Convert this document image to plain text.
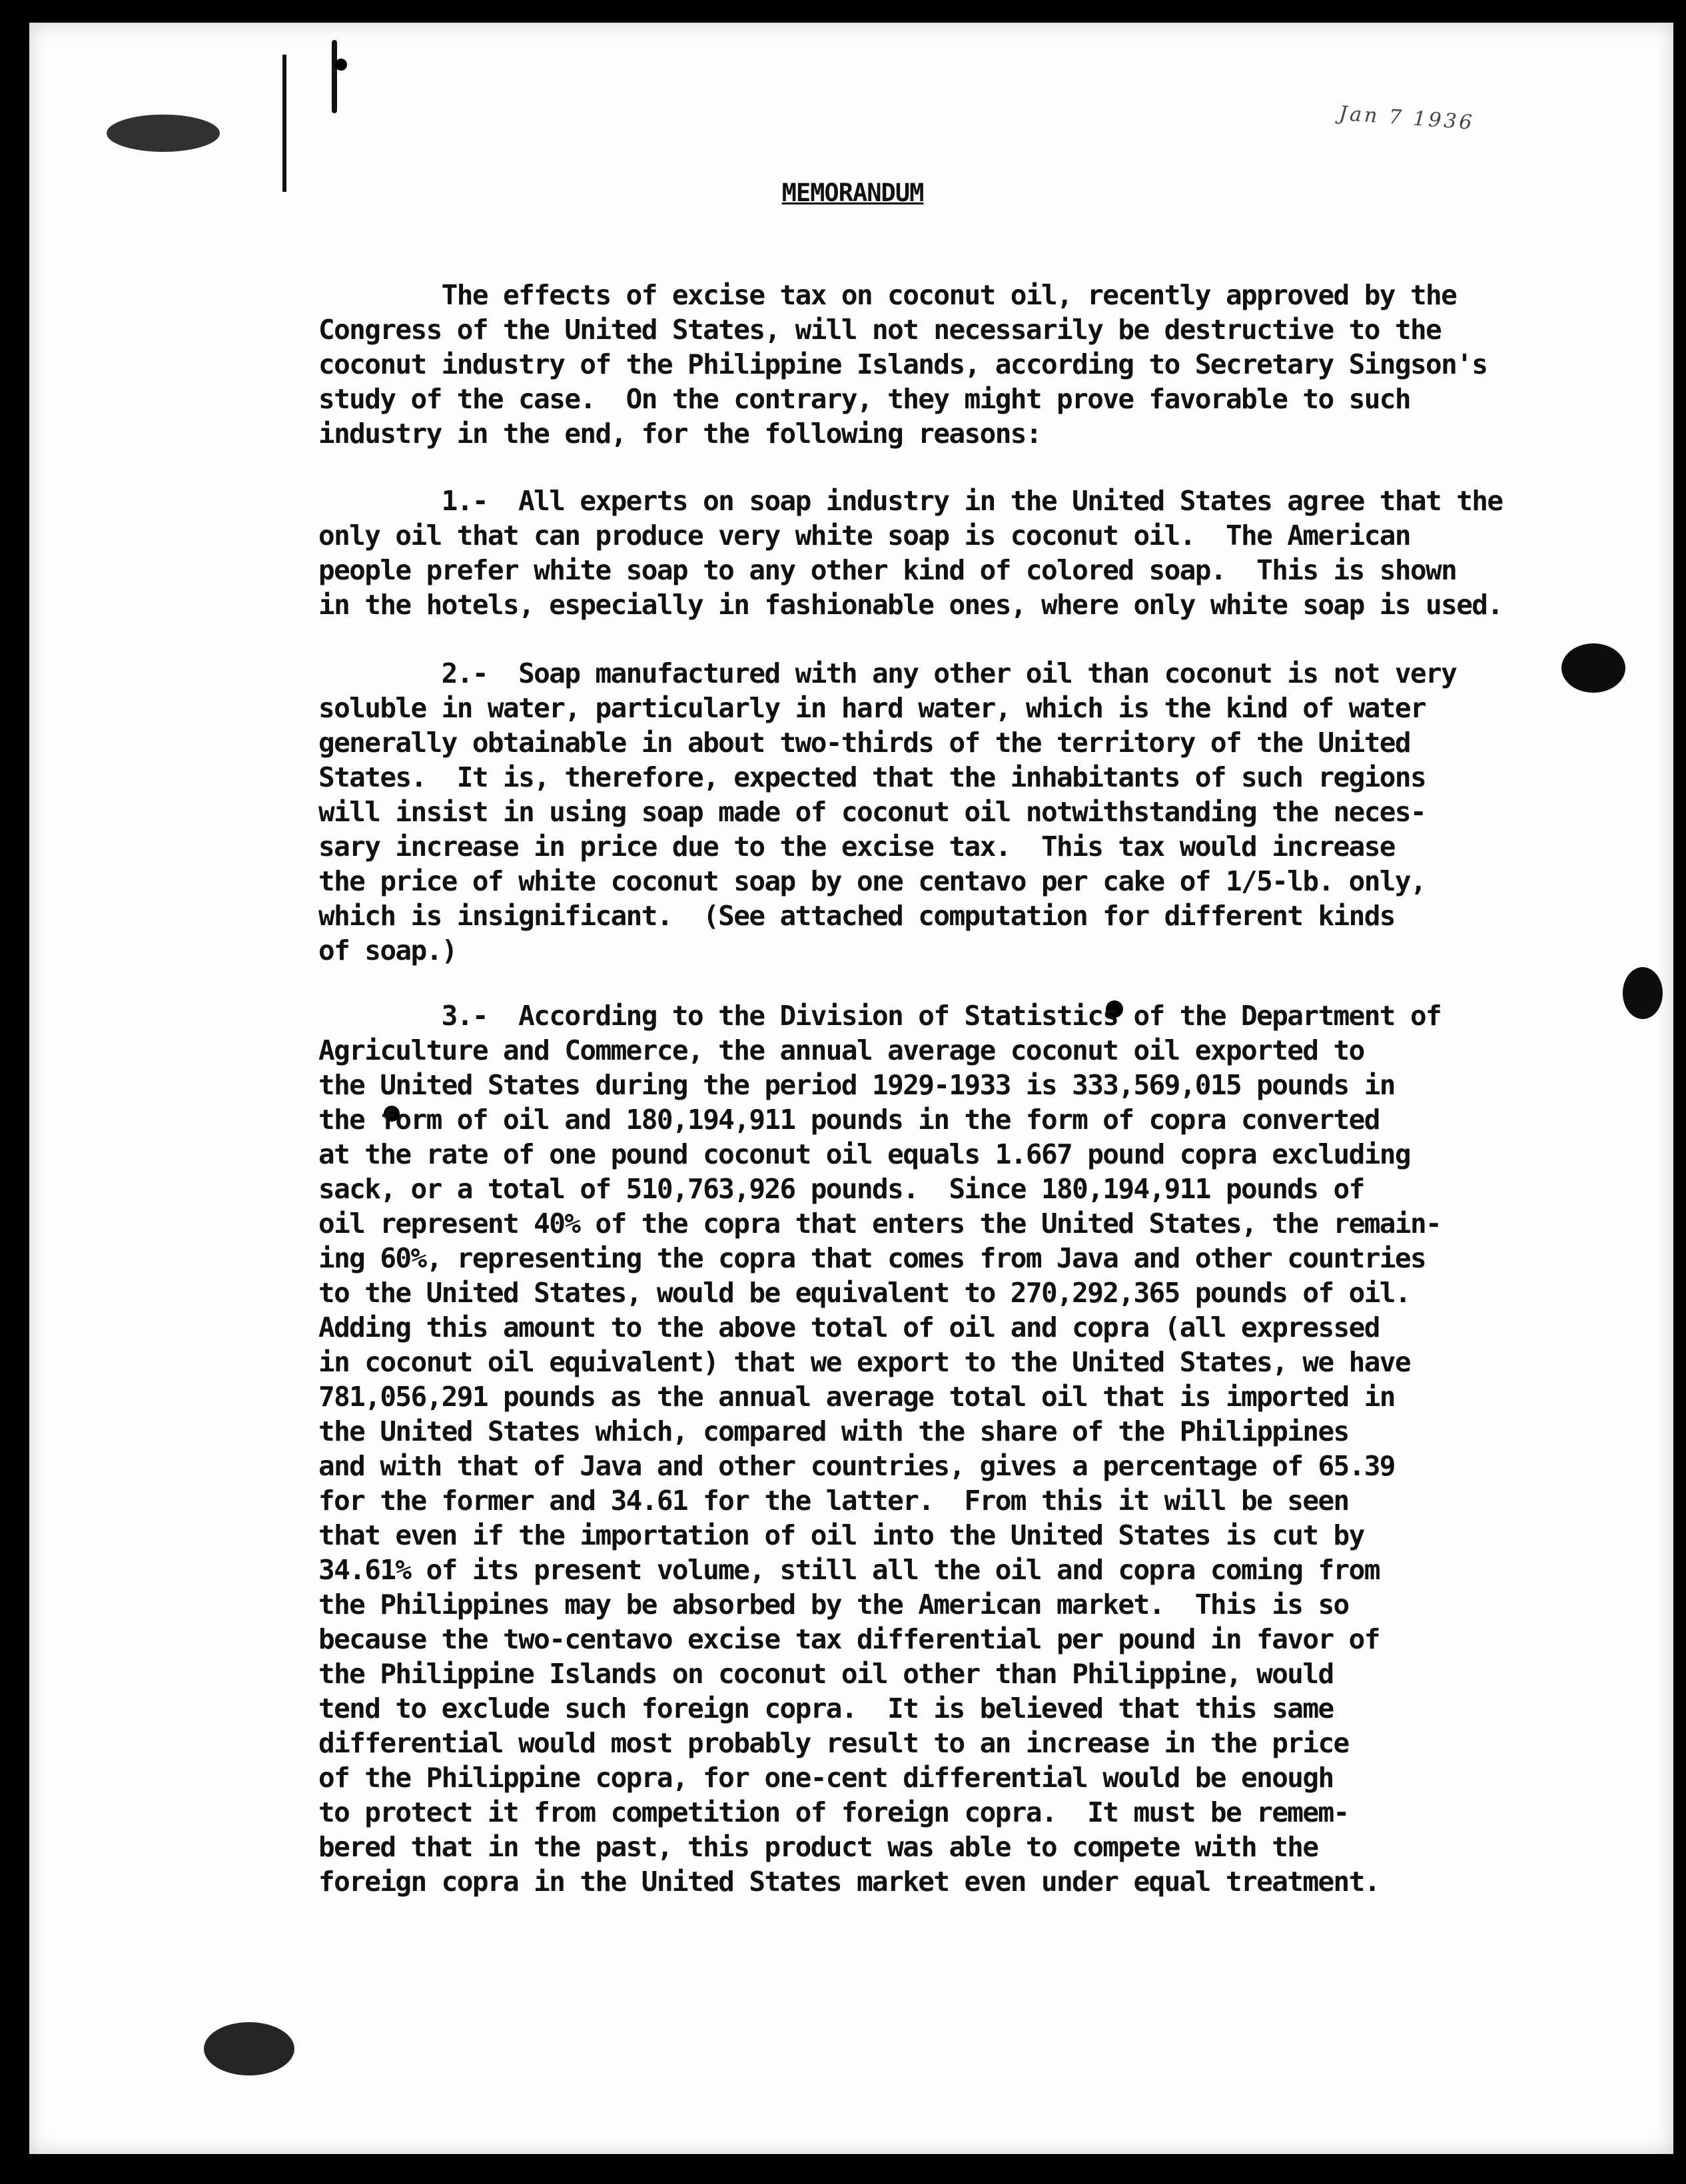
Jan 7 1936
MEMORANDUM
The effects of excise tax on coconut oil, recently approved by the
Congress of the United States, will not necessarily be destructive to the
coconut industry of the Philippine Islands, according to Secretary Singson's
study of the case.  On the contrary, they might prove favorable to such
industry in the end, for the following reasons:
1.-  All experts on soap industry in the United States agree that the
only oil that can produce very white soap is coconut oil.  The American
people prefer white soap to any other kind of colored soap.  This is shown
in the hotels, especially in fashionable ones, where only white soap is used.
2.-  Soap manufactured with any other oil than coconut is not very
soluble in water, particularly in hard water, which is the kind of water
generally obtainable in about two-thirds of the territory of the United
States.  It is, therefore, expected that the inhabitants of such regions
will insist in using soap made of coconut oil notwithstanding the neces-
sary increase in price due to the excise tax.  This tax would increase
the price of white coconut soap by one centavo per cake of 1/5-lb. only,
which is insignificant.  (See attached computation for different kinds
of soap.)
3.-  According to the Division of Statistics of the Department of
Agriculture and Commerce, the annual average coconut oil exported to
the United States during the period 1929-1933 is 333,569,015 pounds in
the form of oil and 180,194,911 pounds in the form of copra converted
at the rate of one pound coconut oil equals 1.667 pound copra excluding
sack, or a total of 510,763,926 pounds.  Since 180,194,911 pounds of
oil represent 40% of the copra that enters the United States, the remain-
ing 60%, representing the copra that comes from Java and other countries
to the United States, would be equivalent to 270,292,365 pounds of oil.
Adding this amount to the above total of oil and copra (all expressed
in coconut oil equivalent) that we export to the United States, we have
781,056,291 pounds as the annual average total oil that is imported in
the United States which, compared with the share of the Philippines
and with that of Java and other countries, gives a percentage of 65.39
for the former and 34.61 for the latter.  From this it will be seen
that even if the importation of oil into the United States is cut by
34.61% of its present volume, still all the oil and copra coming from
the Philippines may be absorbed by the American market.  This is so
because the two-centavo excise tax differential per pound in favor of
the Philippine Islands on coconut oil other than Philippine, would
tend to exclude such foreign copra.  It is believed that this same
differential would most probably result to an increase in the price
of the Philippine copra, for one-cent differential would be enough
to protect it from competition of foreign copra.  It must be remem-
bered that in the past, this product was able to compete with the
foreign copra in the United States market even under equal treatment.
